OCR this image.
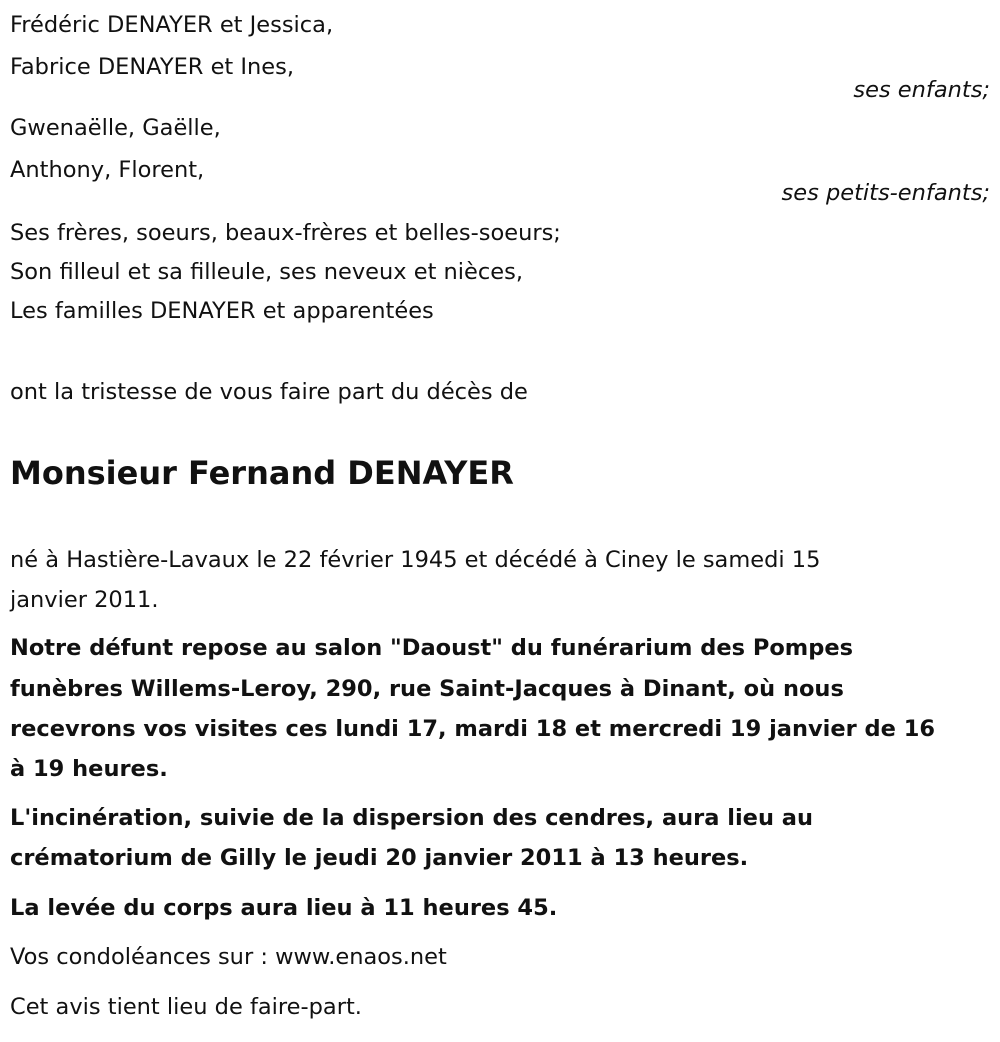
Frédéric DENAYER et Jessica,
Fabrice DENAYER et Ines,
ses enfants;
Gwenaëlle, Gaëlle,
Anthony, Florent,
ses petits-enfants;
Ses frères, soeurs, beaux-frères et belles-soeurs;
Son filleul et sa filleule, ses neveux et nièces,
Les familles DENAYER et apparentées
ont la tristesse de vous faire part du décès de
Monsieur Fernand DENAYER
né à Hastière-Lavaux le 22 février 1945 et décédé à Ciney le samedi 15
janvier 2011.
Notre défunt repose au salon "Daoust" du funérarium des Pompes
funèbres Willems-Leroy, 290, rue Saint-Jacques à Dinant, où nous
recevrons vos visites ces lundi 17, mardi 18 et mercredi 19 janvier de 16
à 19 heures.
L'incinération, suivie de la dispersion des cendres, aura lieu au
crématorium de Gilly le jeudi 20 janvier 2011 à 13 heures.
La levée du corps aura lieu à 11 heures 45.
Vos condoléances sur : www.enaos.net
Cet avis tient lieu de faire-part.
